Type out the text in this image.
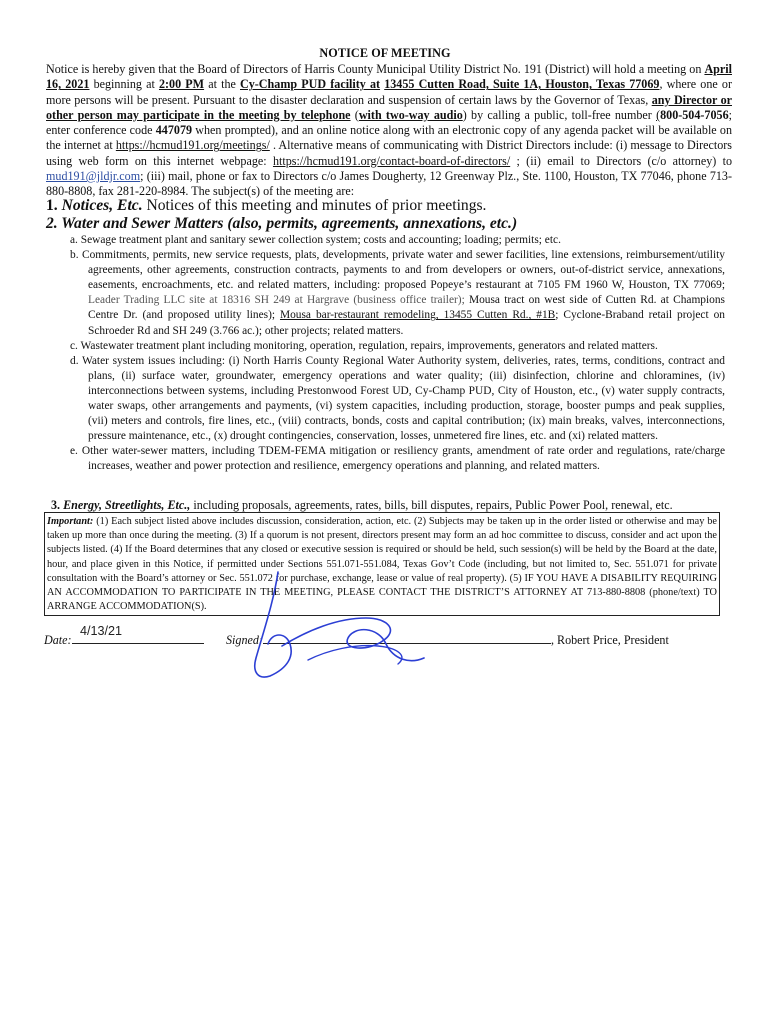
NOTICE OF MEETING
Notice is hereby given that the Board of Directors of Harris County Municipal Utility District No. 191 (District) will hold a meeting on April 16, 2021 beginning at 2:00 PM at the Cy-Champ PUD facility at 13455 Cutten Road, Suite 1A, Houston, Texas 77069, where one or more persons will be present. Pursuant to the disaster declaration and suspension of certain laws by the Governor of Texas, any Director or other person may participate in the meeting by telephone (with two-way audio) by calling a public, toll-free number (800-504-7056; enter conference code 447079 when prompted), and an online notice along with an electronic copy of any agenda packet will be available on the internet at https://hcmud191.org/meetings/ . Alternative means of communicating with District Directors include: (i) message to Directors using web form on this internet webpage: https://hcmud191.org/contact-board-of-directors/ ; (ii) email to Directors (c/o attorney) to mud191@jldjr.com; (iii) mail, phone or fax to Directors c/o James Dougherty, 12 Greenway Plz., Ste. 1100, Houston, TX 77046, phone 713-880-8808, fax 281-220-8984. The subject(s) of the meeting are:
1. Notices, Etc. Notices of this meeting and minutes of prior meetings.
2. Water and Sewer Matters (also, permits, agreements, annexations, etc.)
a. Sewage treatment plant and sanitary sewer collection system; costs and accounting; loading; permits; etc.
b. Commitments, permits, new service requests, plats, developments, private water and sewer facilities, line extensions, reimbursement/utility agreements, other agreements, construction contracts, payments to and from developers or owners, out-of-district service, annexations, easements, encroachments, etc. and related matters, including: proposed Popeye’s restaurant at 7105 FM 1960 W, Houston, TX 77069; Leader Trading LLC site at 18316 SH 249 at Hargrave (business office trailer); Mousa tract on west side of Cutten Rd. at Champions Centre Dr. (and proposed utility lines); Mousa bar-restaurant remodeling, 13455 Cutten Rd., #1B; Cyclone-Braband retail project on Schroeder Rd and SH 249 (3.766 ac.); other projects; related matters.
c. Wastewater treatment plant including monitoring, operation, regulation, repairs, improvements, generators and related matters.
d. Water system issues including: (i) North Harris County Regional Water Authority system, deliveries, rates, terms, conditions, contract and plans, (ii) surface water, groundwater, emergency operations and water quality; (iii) disinfection, chlorine and chloramines, (iv) interconnections between systems, including Prestonwood Forest UD, Cy-Champ PUD, City of Houston, etc., (v) water supply contracts, water swaps, other arrangements and payments, (vi) system capacities, including production, storage, booster pumps and peak supplies, (vii) meters and controls, fire lines, etc., (viii) contracts, bonds, costs and capital contribution; (ix) main breaks, valves, interconnections, pressure maintenance, etc., (x) drought contingencies, conservation, losses, unmetered fire lines, etc. and (xi) related matters.
e. Other water-sewer matters, including TDEM-FEMA mitigation or resiliency grants, amendment of rate order and regulations, rate/charge increases, weather and power protection and resilience, emergency operations and planning, and related matters.
3. Energy, Streetlights, Etc., including proposals, agreements, rates, bills, bill disputes, repairs, Public Power Pool, renewal, etc.
Important: (1) Each subject listed above includes discussion, consideration, action, etc. (2) Subjects may be taken up in the order listed or otherwise and may be taken up more than once during the meeting. (3) If a quorum is not present, directors present may form an ad hoc committee to discuss, consider and act upon the subjects listed. (4) If the Board determines that any closed or executive session is required or should be held, such session(s) will be held by the Board at the date, hour, and place given in this Notice, if permitted under Sections 551.071-551.084, Texas Gov’t Code (including, but not limited to, Sec. 551.071 for private consultation with the Board’s attorney or Sec. 551.072 for purchase, exchange, lease or value of real property). (5) IF YOU HAVE A DISABILITY REQUIRING AN ACCOMMODATION TO PARTICIPATE IN THE MEETING, PLEASE CONTACT THE DISTRICT’S ATTORNEY AT 713-880-8808 (phone/text) TO ARRANGE ACCOMMODATION(S).
Date:
4/13/21
Signed:	, Robert Price, President
